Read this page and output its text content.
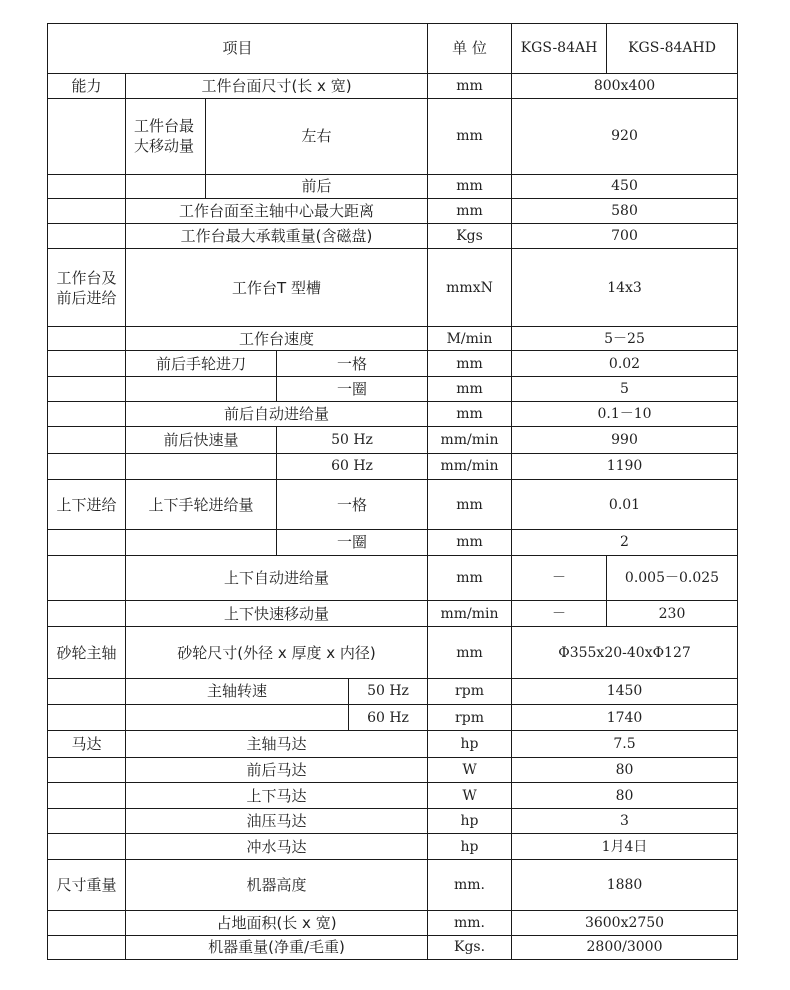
项目					单 位	KGS-84AH	KGS-84AHD
能力	工件台面尺寸(长 x 宽)				mm	800x400	
	工件台最大移动量	左右			mm	920	
		前后			mm	450	
	工作台面至主轴中心最大距离				mm	580	
	工作台最大承载重量(含磁盘)				Kgs	700	
工作台及前后进给	工作台T 型槽				mmxN	14x3	
	工作台速度				M/min	5－25	
	前后手轮进刀		一格		mm	0.02	
			一圈		mm	5	
	前后自动进给量				mm	0.1－10	
	前后快速量		50 Hz		mm/min	990	
			60 Hz		mm/min	1190	
上下进给	上下手轮进给量		一格		mm	0.01	
			一圈		mm	2	
	上下自动进给量				mm	－	0.005－0.025
	上下快速移动量				mm/min	－	230
砂轮主轴	砂轮尺寸(外径 x 厚度 x 内径)				mm	Φ355x20-40xΦ127	
	主轴转速			50 Hz	rpm	1450	
				60 Hz	rpm	1740	
马达	主轴马达				hp	7.5	
	前后马达				W	80	
	上下马达				W	80	
	油压马达				hp	3	
	冲水马达				hp	1月4日	
尺寸重量	机器高度				mm.	1880	
	占地面积(长 x 宽)				mm.	3600x2750	
	机器重量(净重/毛重)				Kgs.	2800/3000	
